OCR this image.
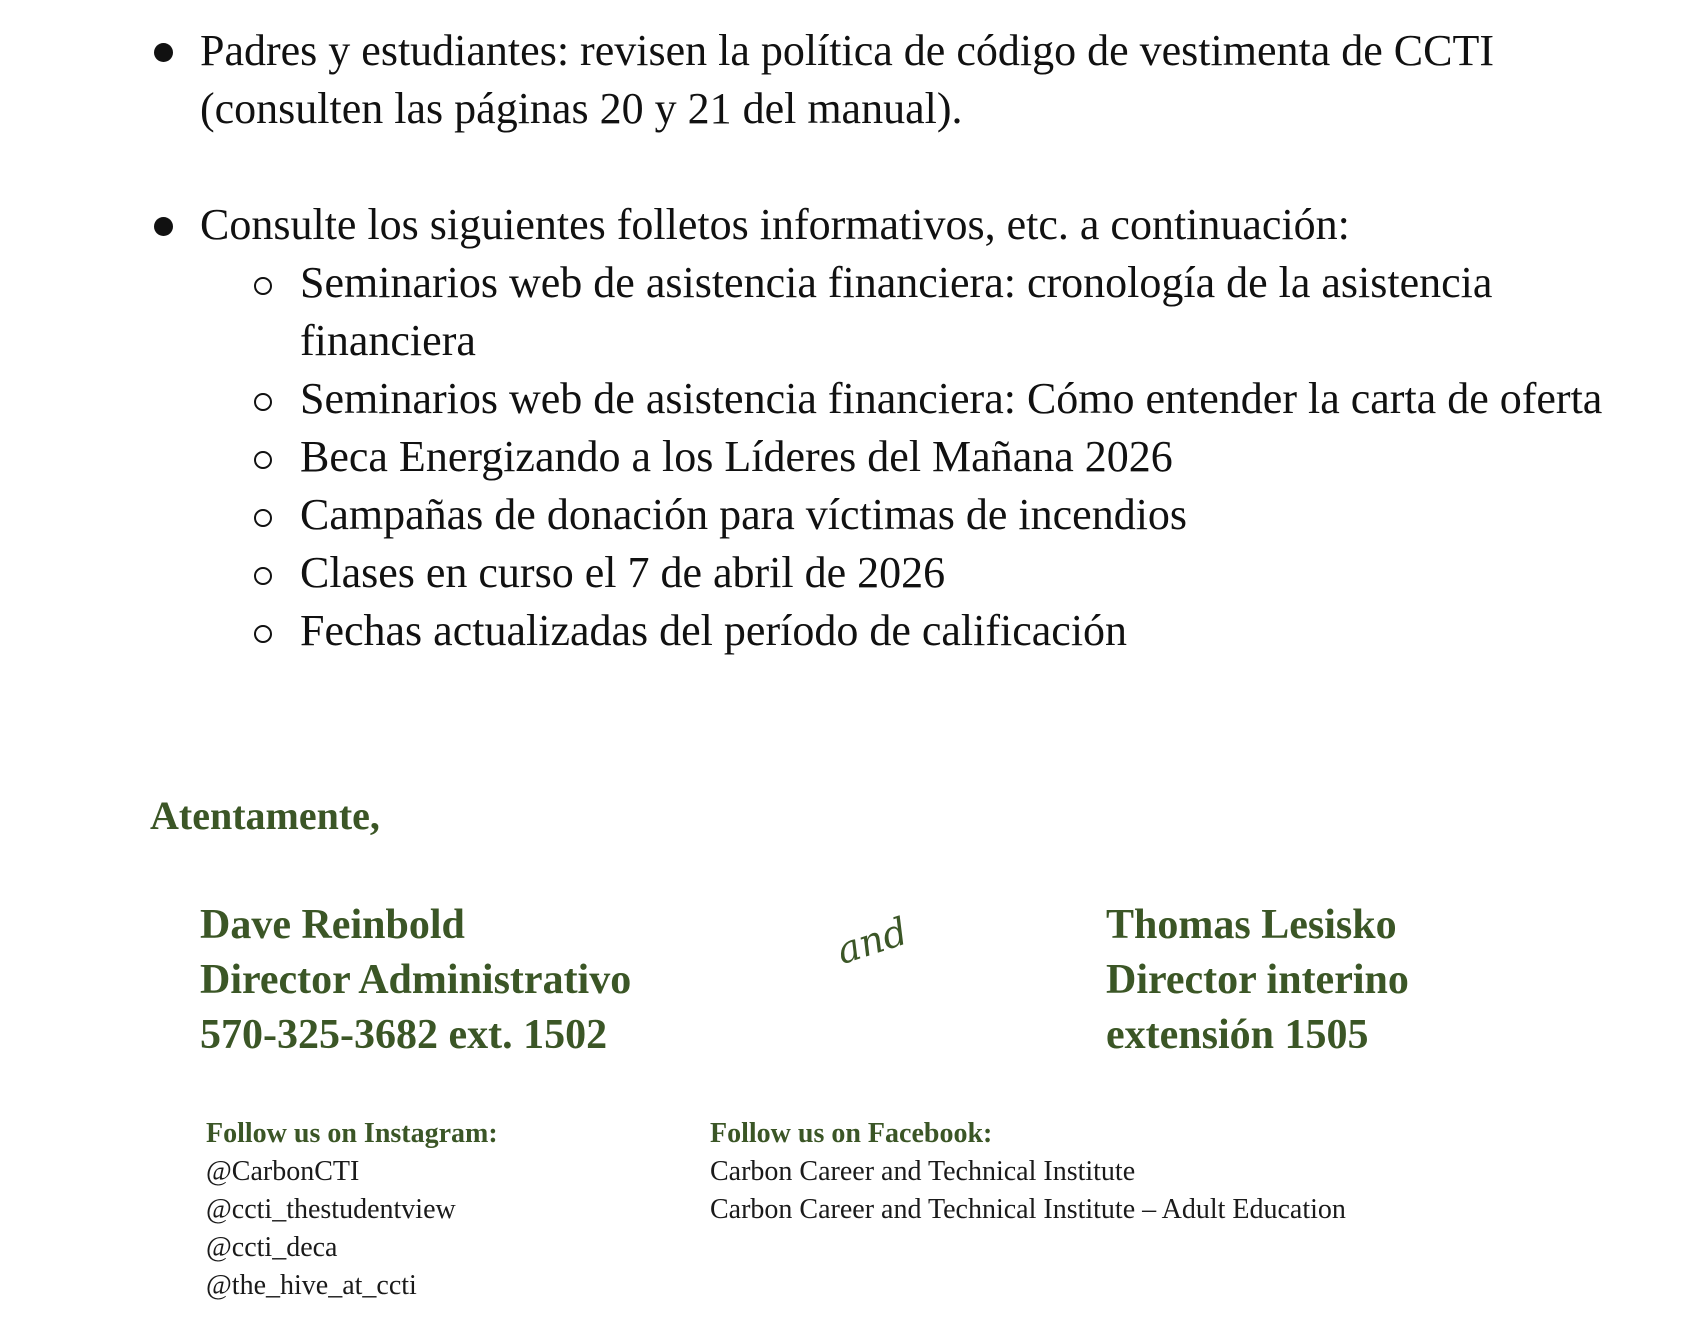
Padres y estudiantes: revisen la política de código de vestimenta de CCTI (consulten las páginas 20 y 21 del manual).
Consulte los siguientes folletos informativos, etc. a continuación:
Seminarios web de asistencia financiera: cronología de la asistencia financiera
Seminarios web de asistencia financiera: Cómo entender la carta de oferta
Beca Energizando a los Líderes del Mañana 2026
Campañas de donación para víctimas de incendios
Clases en curso el 7 de abril de 2026
Fechas actualizadas del período de calificación
Atentamente,
Dave Reinbold
Director Administrativo
570-325-3682 ext. 1502
and	Thomas Lesisko
Director interino
extensión 1505
Follow us on Instagram:
@CarbonCTI
@ccti_thestudentview
@ccti_deca
@the_hive_at_ccti
Follow us on Facebook:
Carbon Career and Technical Institute
Carbon Career and Technical Institute – Adult Education
